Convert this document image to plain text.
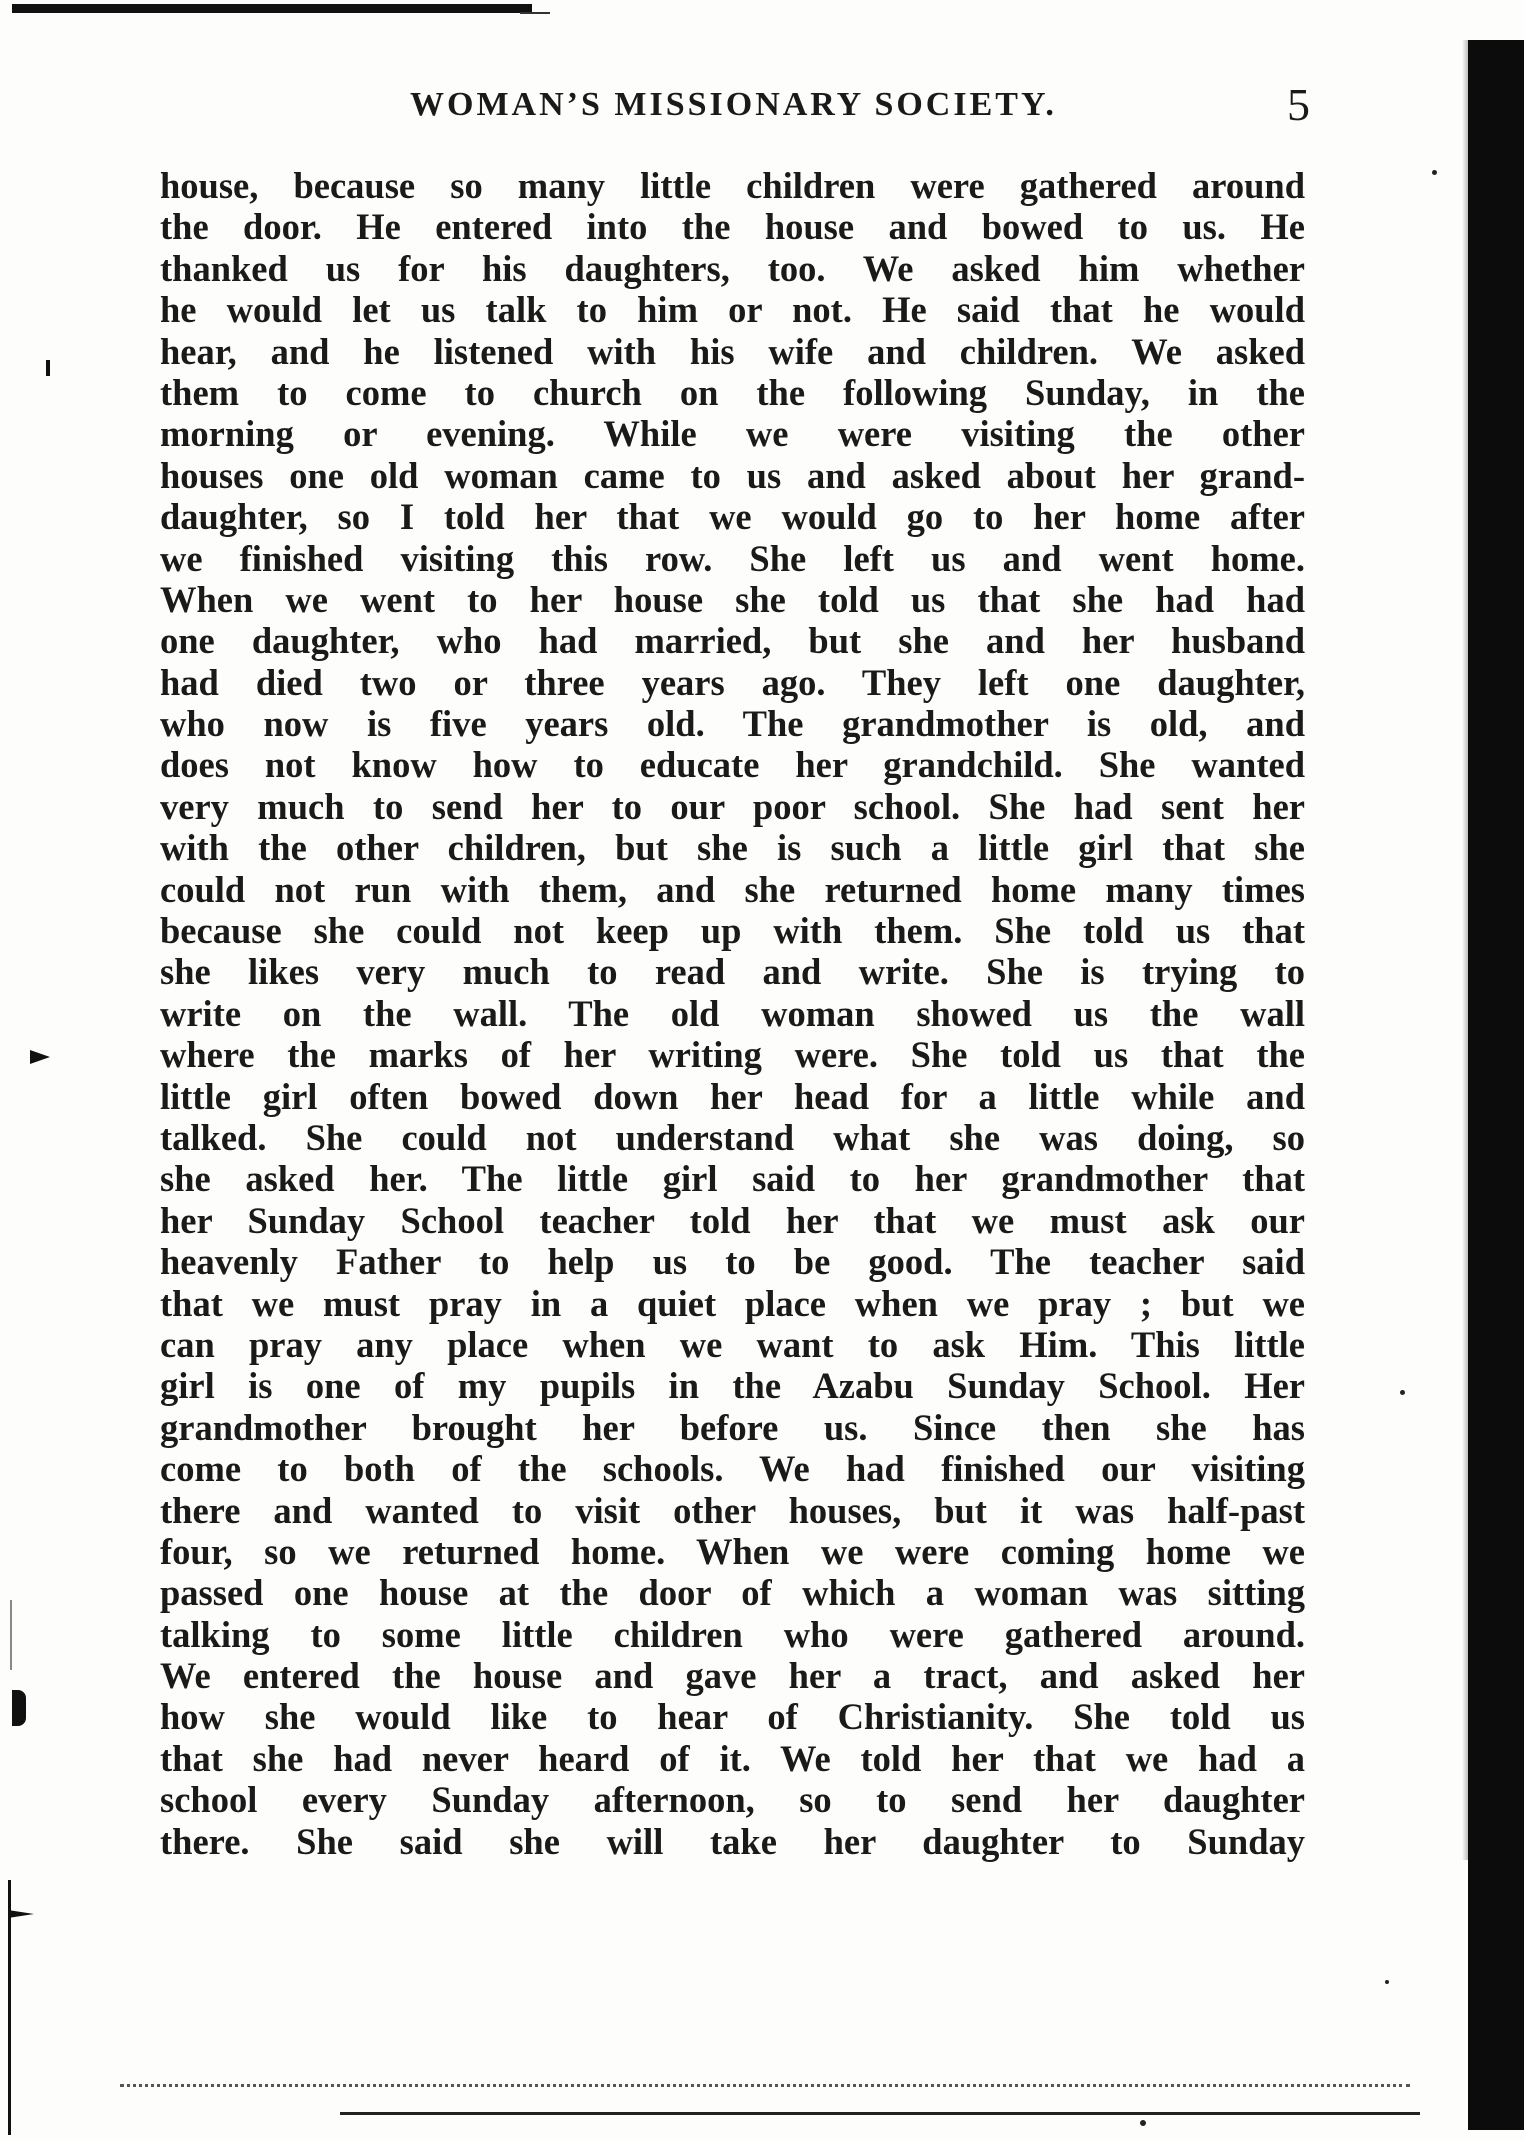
WOMAN’S MISSIONARY SOCIETY.	5
house, because so many little children were gathered around
the door. He entered into the house and bowed to us. He
thanked us for his daughters, too. We asked him whether
he would let us talk to him or not. He said that he would
hear, and he listened with his wife and children. We asked
them to come to church on the following Sunday, in the
morning or evening. While we were visiting the other
houses one old woman came to us and asked about her grand-
daughter, so I told her that we would go to her home after
we finished visiting this row. She left us and went home.
When we went to her house she told us that she had had
one daughter, who had married, but she and her husband
had died two or three years ago. They left one daughter,
who now is five years old. The grandmother is old, and
does not know how to educate her grandchild. She wanted
very much to send her to our poor school. She had sent her
with the other children, but she is such a little girl that she
could not run with them, and she returned home many times
because she could not keep up with them. She told us that
she likes very much to read and write. She is trying to
write on the wall. The old woman showed us the wall
where the marks of her writing were. She told us that the
little girl often bowed down her head for a little while and
talked. She could not understand what she was doing, so
she asked her. The little girl said to her grandmother that
her Sunday School teacher told her that we must ask our
heavenly Father to help us to be good. The teacher said
that we must pray in a quiet place when we pray ; but we
can pray any place when we want to ask Him. This little
girl is one of my pupils in the Azabu Sunday School. Her
grandmother brought her before us. Since then she has
come to both of the schools. We had finished our visiting
there and wanted to visit other houses, but it was half-past
four, so we returned home. When we were coming home we
passed one house at the door of which a woman was sitting
talking to some little children who were gathered around.
We entered the house and gave her a tract, and asked her
how she would like to hear of Christianity. She told us
that she had never heard of it. We told her that we had a
school every Sunday afternoon, so to send her daughter
there. She said she will take her daughter to Sunday
